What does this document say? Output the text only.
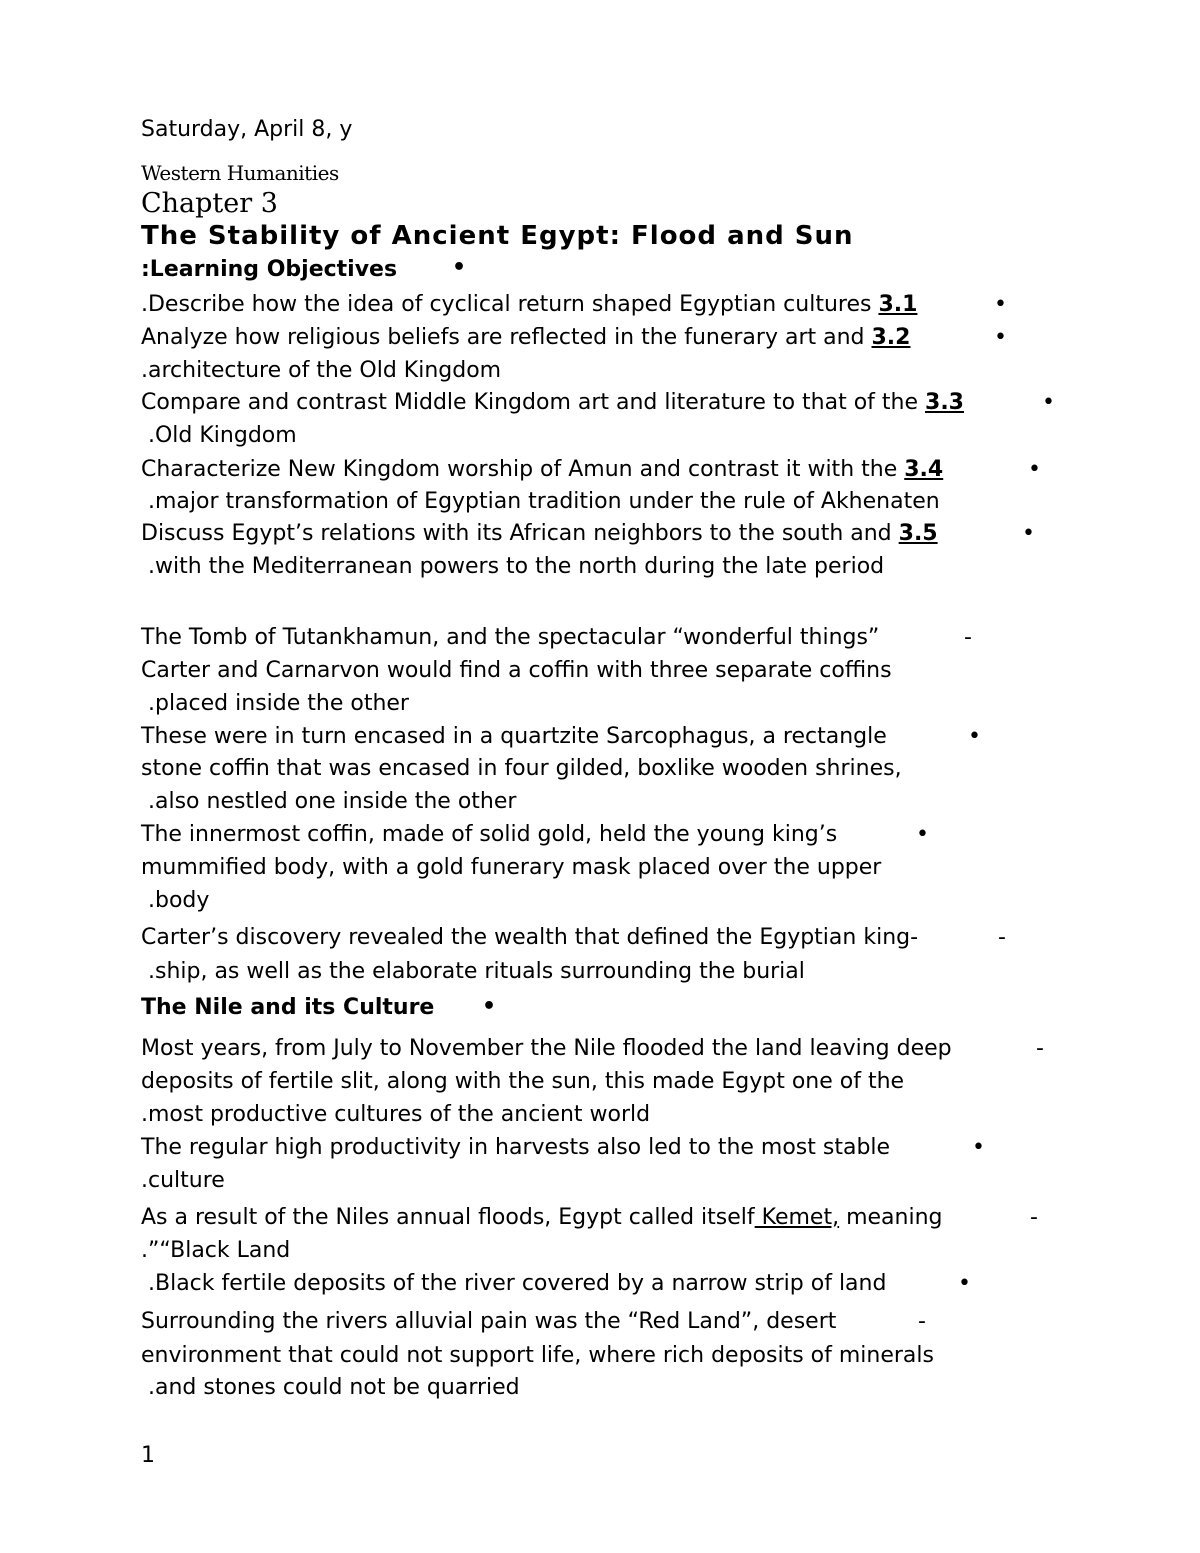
Saturday, April 8, y
Western Humanities
Chapter 3
The Stability of Ancient Egypt: Flood and Sun
:Learning Objectives •
.Describe how the idea of cyclical return shaped Egyptian cultures 3.1	•
Analyze how religious beliefs are reflected in the funerary art and 3.2	•
.architecture of the Old Kingdom
Compare and contrast Middle Kingdom art and literature to that of the 3.3	•
.Old Kingdom
Characterize New Kingdom worship of Amun and contrast it with the 3.4	•
.major transformation of Egyptian tradition under the rule of Akhenaten
Discuss Egypt’s relations with its African neighbors to the south and 3.5	•
.with the Mediterranean powers to the north during the late period
The Tomb of Tutankhamun, and the spectacular “wonderful things”	-
Carter and Carnarvon would find a coffin with three separate coffins
.placed inside the other
These were in turn encased in a quartzite Sarcophagus, a rectangle	•
stone coffin that was encased in four gilded, boxlike wooden shrines,
.also nestled one inside the other
The innermost coffin, made of solid gold, held the young king’s	•
mummified body, with a gold funerary mask placed over the upper
.body
Carter’s discovery revealed the wealth that defined the Egyptian king-	-
.ship, as well as the elaborate rituals surrounding the burial
The Nile and its Culture •
Most years, from July to November the Nile flooded the land leaving deep	-
deposits of fertile slit, along with the sun, this made Egypt one of the
.most productive cultures of the ancient world
The regular high productivity in harvests also led to the most stable	•
.culture
As a result of the Niles annual floods, Egypt called itself Kemet, meaning	-
.”“Black Land
.Black fertile deposits of the river covered by a narrow strip of land	•
Surrounding the rivers alluvial pain was the “Red Land”, desert	-
environment that could not support life, where rich deposits of minerals
.and stones could not be quarried
1
